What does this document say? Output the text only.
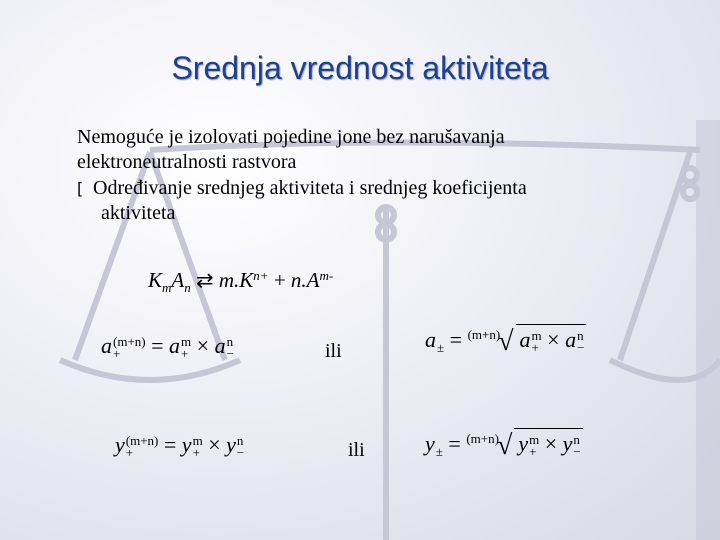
Srednja vrednost aktiviteta
Nemoguće je izolovati pojedine jone bez narušavanja
elektroneutralnosti rastvora
[ Određivanje srednjeg aktiviteta i srednjeg koeficijenta
aktiviteta
$K_mA_n$ ⇄ $m.K^{n+} + n.A^{m-}$
ili
ili
a (m+n)
+	= a m
+ × a n
−
a
± = $^{(m+n)}$√ a m
+ × a n
−
y (m+n)
+	= y m
+ × y n
−	y
± = $^{(m+n)}$√ y m
+ × y n
−
